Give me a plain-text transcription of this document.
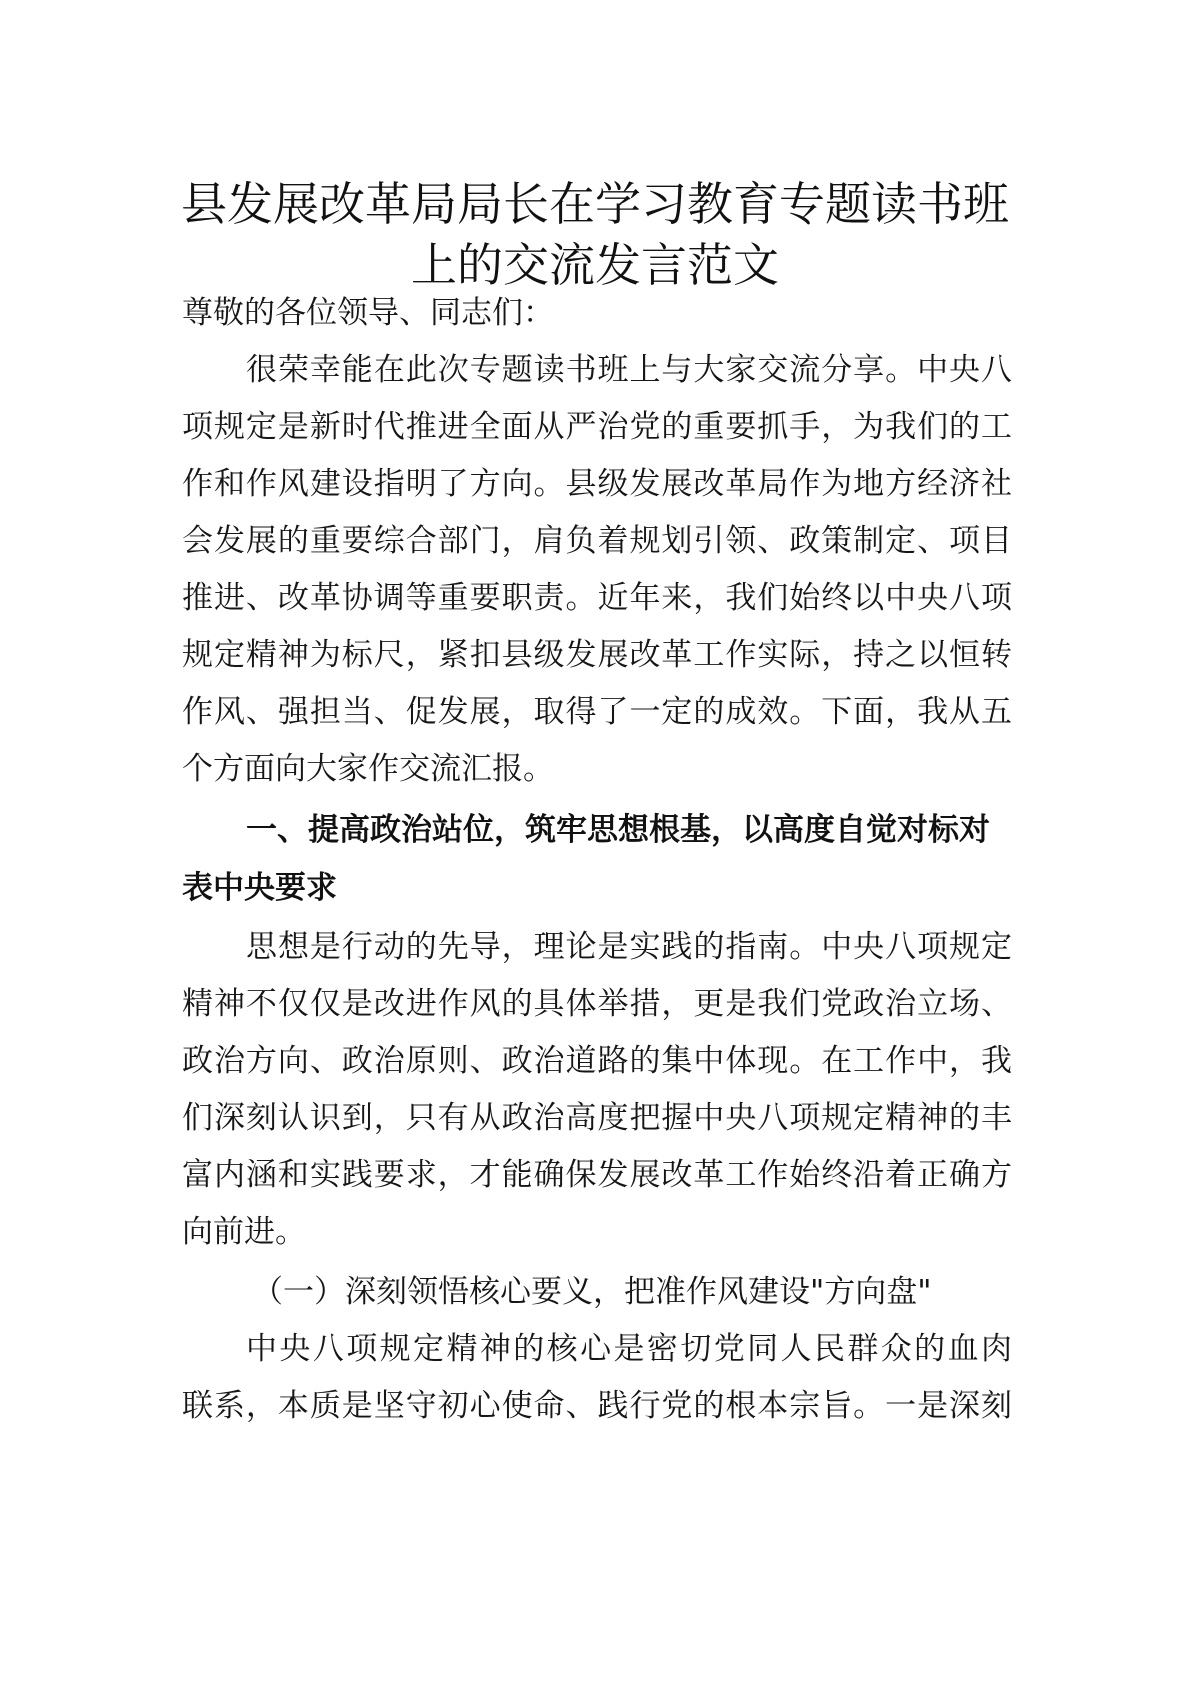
县发展改革局局长在学习教育专题读书班
上的交流发言范文
尊敬的各位领导、同志们：
很荣幸能在此次专题读书班上与大家交流分享。中央八
项规定是新时代推进全面从严治党的重要抓手，为我们的工
作和作风建设指明了方向。县级发展改革局作为地方经济社
会发展的重要综合部门，肩负着规划引领、政策制定、项目
推进、改革协调等重要职责。近年来，我们始终以中央八项
规定精神为标尺，紧扣县级发展改革工作实际，持之以恒转
作风、强担当、促发展，取得了一定的成效。下面，我从五
个方面向大家作交流汇报。
一、提高政治站位，筑牢思想根基，以高度自觉对标对
表中央要求
思想是行动的先导，理论是实践的指南。中央八项规定
精神不仅仅是改进作风的具体举措，更是我们党政治立场、
政治方向、政治原则、政治道路的集中体现。在工作中，我
们深刻认识到，只有从政治高度把握中央八项规定精神的丰
富内涵和实践要求，才能确保发展改革工作始终沿着正确方
向前进。
（一）深刻领悟核心要义，把准作风建设"方向盘"
中央八项规定精神的核心是密切党同人民群众的血肉
联系，本质是坚守初心使命、践行党的根本宗旨。一是深刻
